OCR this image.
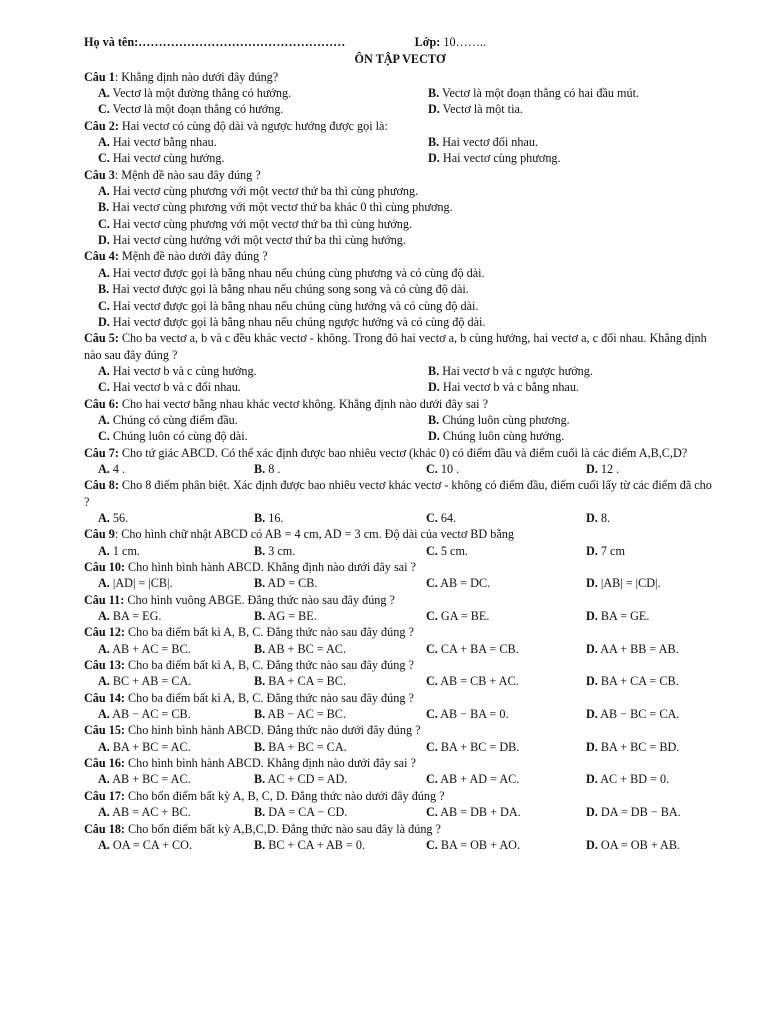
Họ và tên:……………………………………………	Lớp: 10……..
ÔN TẬP VECTƠ
Câu 1: Khẳng định nào dưới đây đúng?
A. Vectơ là một đường thẳng có hướng.	B. Vectơ là một đoạn thẳng có hai đầu mút.
C. Vectơ là một đoạn thẳng có hướng.	D. Vectơ là một tia.
Câu 2: Hai vectơ có cùng độ dài và ngược hướng được gọi là:
A. Hai vectơ bằng nhau.	B. Hai vectơ đối nhau.
C. Hai vectơ cùng hướng.	D. Hai vectơ cùng phương.
Câu 3: Mệnh đề nào sau đây đúng ?
A. Hai vectơ cùng phương với một vectơ thứ ba thì cùng phương.
B. Hai vectơ cùng phương với một vectơ thứ ba khác 0 thì cùng phương.
C. Hai vectơ cùng phương với một vectơ thứ ba thì cùng hướng.
D. Hai vectơ cùng hướng với một vectơ thứ ba thì cùng hướng.
Câu 4: Mệnh đề nào dưới đây đúng ?
A. Hai vectơ được gọi là bằng nhau nếu chúng cùng phương và có cùng độ dài.
B. Hai vectơ được gọi là bằng nhau nếu chúng song song và có cùng độ dài.
C. Hai vectơ được gọi là bằng nhau nếu chúng cùng hướng và có cùng độ dài.
D. Hai vectơ được gọi là bằng nhau nếu chúng ngược hướng và có cùng độ dài.
Câu 5: Cho ba vectơ a, b và c đều khác vectơ - không. Trong đó hai vectơ a, b cùng hướng, hai vectơ a, c đối nhau. Khẳng định nào sau đây đúng ?
A. Hai vectơ b và c cùng hướng.	B. Hai vectơ b và c ngược hướng.
C. Hai vectơ b và c đối nhau.	D. Hai vectơ b và c bằng nhau.
Câu 6: Cho hai vectơ bằng nhau khác vectơ không. Khẳng định nào dưới đây sai ?
A. Chúng có cùng điểm đầu.	B. Chúng luôn cùng phương.
C. Chúng luôn có cùng độ dài.	D. Chúng luôn cùng hướng.
Câu 7: Cho tứ giác ABCD. Có thể xác định được bao nhiêu vectơ (khác 0) có điểm đầu và điểm cuối là các điểm A,B,C,D?
A. 4 .	B. 8 .	C. 10 .	D. 12 .
Câu 8: Cho 8 điểm phân biệt. Xác định được bao nhiêu vectơ khác vectơ - không có điểm đầu, điểm cuối lấy từ các điểm đã cho ?
A. 56.	B. 16.	C. 64.	D. 8.
Câu 9: Cho hình chữ nhật ABCD có AB = 4 cm, AD = 3 cm. Độ dài của vectơ BD bằng
A. 1 cm.	B. 3 cm.	C. 5 cm.	D. 7 cm
Câu 10: Cho hình bình hành ABCD. Khẳng định nào dưới đây sai ?
A. |AD| = |CB|.	B. AD = CB.	C. AB = DC.	D. |AB| = |CD|.
Câu 11: Cho hình vuông ABGE. Đẳng thức nào sau đây đúng ?
A. BA = EG.	B. AG = BE.	C. GA = BE.	D. BA = GE.
Câu 12: Cho ba điểm bất kì A, B, C. Đẳng thức nào sau đây đúng ?
A. AB + AC = BC.	B. AB + BC = AC.	C. CA + BA = CB.	D. AA + BB = AB.
Câu 13: Cho ba điểm bất kì A, B, C. Đẳng thức nào sau đây đúng ?
A. BC + AB = CA.	B. BA + CA = BC.	C. AB = CB + AC.	D. BA + CA = CB.
Câu 14: Cho ba điểm bất kì A, B, C. Đẳng thức nào sau đây đúng ?
A. AB − AC = CB.	B. AB − AC = BC.	C. AB − BA = 0.	D. AB − BC = CA.
Câu 15: Cho hình bình hành ABCD. Đẳng thức nào dưới đây đúng ?
A. BA + BC = AC.	B. BA + BC = CA.	C. BA + BC = DB.	D. BA + BC = BD.
Câu 16: Cho hình bình hành ABCD. Khẳng định nào dưới đây sai ?
A. AB + BC = AC.	B. AC + CD = AD.	C. AB + AD = AC.	D. AC + BD = 0.
Câu 17: Cho bốn điểm bất kỳ A, B, C, D. Đẳng thức nào dưới đây đúng ?
A. AB = AC + BC.	B. DA = CA − CD.	C. AB = DB + DA.	D. DA = DB − BA.
Câu 18: Cho bốn điểm bất kỳ A,B,C,D. Đẳng thức nào sau đây là đúng ?
A. OA = CA + CO.	B. BC + CA + AB = 0.	C. BA = OB + AO.	D. OA = OB + AB.
